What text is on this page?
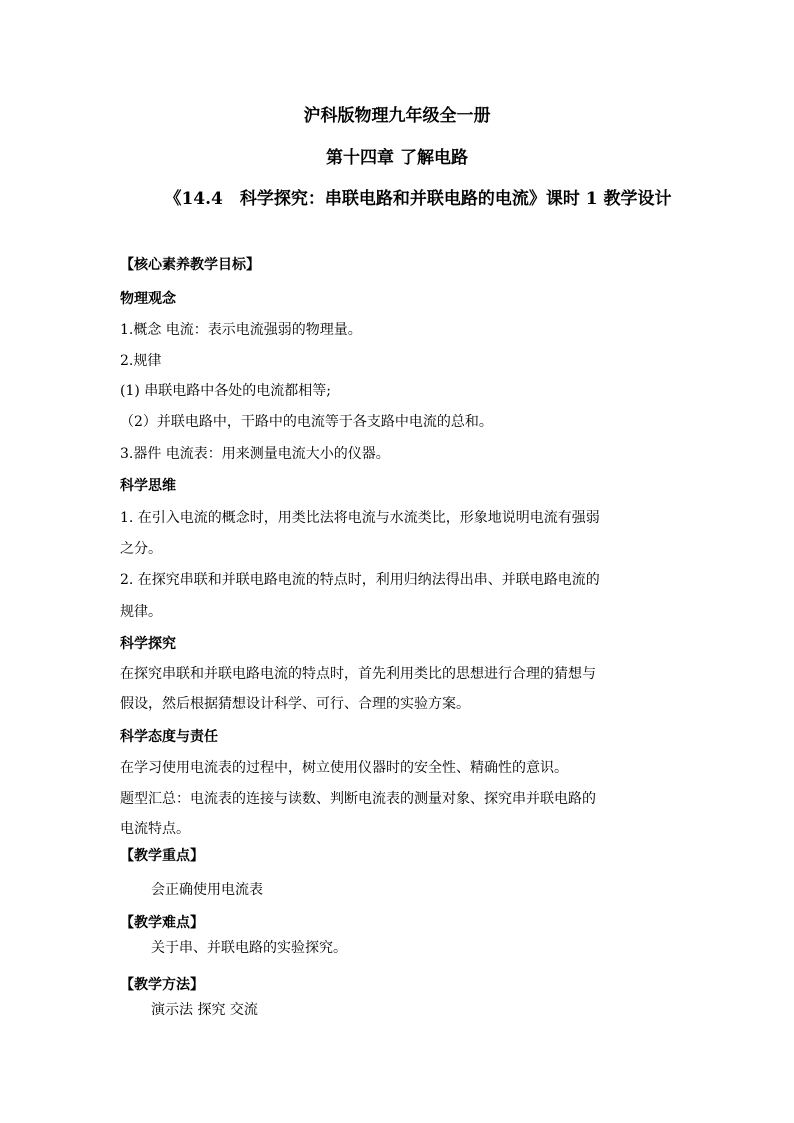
沪科版物理九年级全一册
第十四章 了解电路
《14.4　科学探究：串联电路和并联电路的电流》课时 1 教学设计
【核心素养教学目标】
物理观念
1.概念 电流：表示电流强弱的物理量。
2.规律
(1) 串联电路中各处的电流都相等;
（2）并联电路中，干路中的电流等于各支路中电流的总和。
3.器件 电流表：用来测量电流大小的仪器。
科学思维
1. 在引入电流的概念时，用类比法将电流与水流类比，形象地说明电流有强弱
之分。
2. 在探究串联和并联电路电流的特点时，利用归纳法得出串、并联电路电流的
规律。
科学探究
在探究串联和并联电路电流的特点时，首先利用类比的思想进行合理的猜想与
假设，然后根据猜想设计科学、可行、合理的实验方案。
科学态度与责任
在学习使用电流表的过程中，树立使用仪器时的安全性、精确性的意识。
题型汇总：电流表的连接与读数、判断电流表的测量对象、探究串并联电路的
电流特点。
【教学重点】
会正确使用电流表
【教学难点】
关于串、并联电路的实验探究。
【教学方法】
演示法 探究 交流
